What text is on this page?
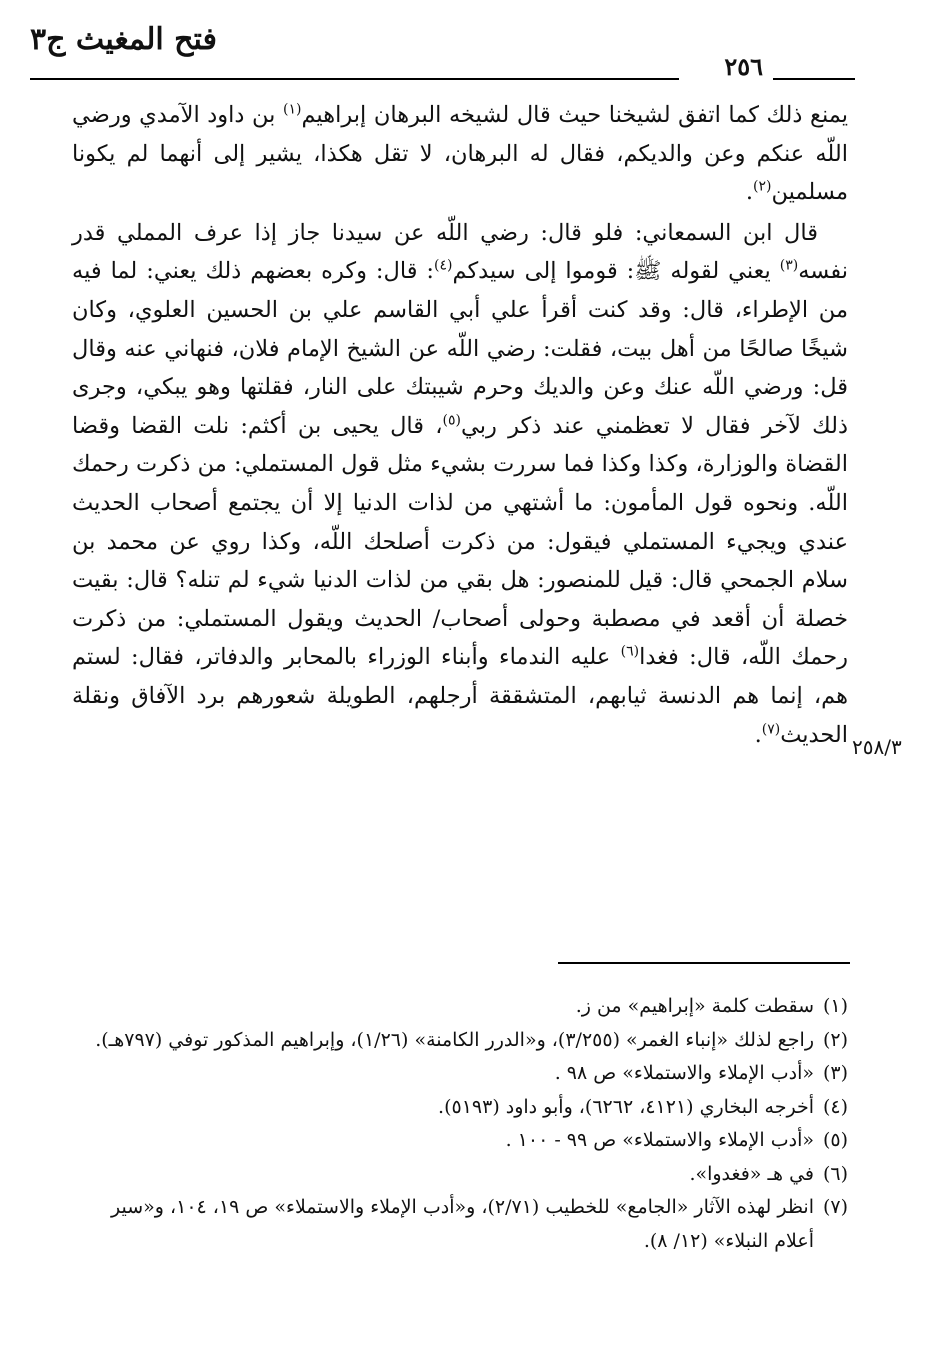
فتح المغيث ج٣
٢٥٦

يمنع ذلك كما اتفق لشيخنا حيث قال لشيخه البرهان إبراهيم$^{(١)}$ بن داود الآمدي ورضي اللّه عنكم وعن والديكم، فقال له البرهان، لا تقل هكذا، يشير إلى أنهما لم يكونا مسلمين$^{(٢)}$.

قال ابن السمعاني: فلو قال: رضي اللّه عن سيدنا جاز إذا عرف المملي قدر نفسه$^{(٣)}$ يعني لقوله ﷺ: قوموا إلى سيدكم$^{(٤)}$: قال: وكره بعضهم ذلك يعني: لما فيه من الإطراء، قال: وقد كنت أقرأ علي أبي القاسم علي بن الحسين العلوي، وكان شيخًا صالحًا من أهل بيت، فقلت: رضي اللّه عن الشيخ الإمام فلان، فنهاني عنه وقال قل: ورضي اللّه عنك وعن والديك وحرم شيبتك على النار، فقلتها وهو يبكي، وجرى ذلك لآخر فقال لا تعظمني عند ذكر ربي$^{(٥)}$، قال يحيى بن أكثم: نلت القضا وقضا القضاة والوزارة، وكذا وكذا فما سررت بشيء مثل قول المستملي: من ذكرت رحمك اللّه. ونحوه قول المأمون: ما أشتهي من لذات الدنيا إلا أن يجتمع أصحاب الحديث عندي ويجيء المستملي فيقول: من ذكرت أصلحك اللّه، وكذا روي عن محمد بن سلام الجمحي قال: قيل للمنصور: هل بقي من لذات الدنيا شيء لم تنله؟ قال: بقيت خصلة أن أقعد في مصطبة وحولى أصحاب/ الحديث ويقول المستملي: من ذكرت رحمك اللّه، قال: فغدا$^{(٦)}$ عليه الندماء وأبناء الوزراء بالمحابر والدفاتر، فقال: لستم هم، إنما هم الدنسة ثيابهم، المتشققة أرجلهم، الطويلة شعورهم برد الآفاق ونقلة الحديث$^{(٧)}$.	٢٥٨/٣

(١)
سقطت كلمة «إبراهيم» من ز.

(٢)
راجع لذلك «إنباء الغمر» (٣/٢٥٥)، و«الدرر الكامنة» (١/٢٦)، وإبراهيم المذكور توفي (٧٩٧هـ).

(٣)
«أدب الإملاء والاستملاء» ص ٩٨ .

(٤)
أخرجه البخاري (٤١٢١، ٦٢٦٢)، وأبو داود (٥١٩٣).

(٥)
«أدب الإملاء والاستملاء» ص ٩٩ - ١٠٠ .

(٦)
في هـ «فغدوا».

(٧)
انظر لهذه الآثار «الجامع» للخطيب (٢/٧١)، و«أدب الإملاء والاستملاء» ص ١٩، ١٠٤، و«سير أعلام النبلاء» (١٢/ ٨).
